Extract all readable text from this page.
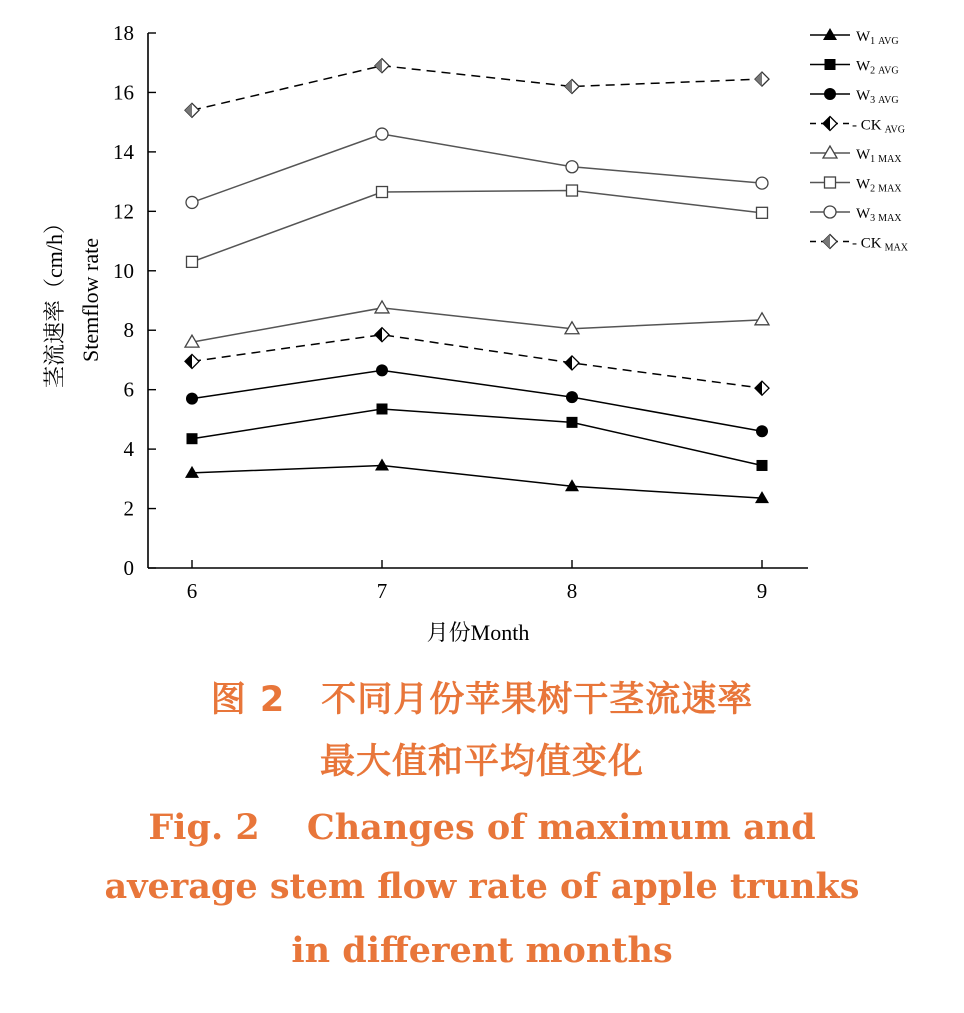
0
2
4
6
8
10
12
14
16
18
6	7	8	9
月份Month
茎流速率（cm/h） Stemflow rate
$W_1$ AVG
$W_2$ AVG
$W_3$ AVG
- CK $_{AVG}$
$W_1$ MAX
$W_2$ MAX
$W_3$ MAX
- CK $_{MAX}$
图 2　不同月份苹果树干茎流速率
最大值和平均值变化
Fig. 2　 Changes of maximum and
average stem flow rate of apple trunks
in different months
